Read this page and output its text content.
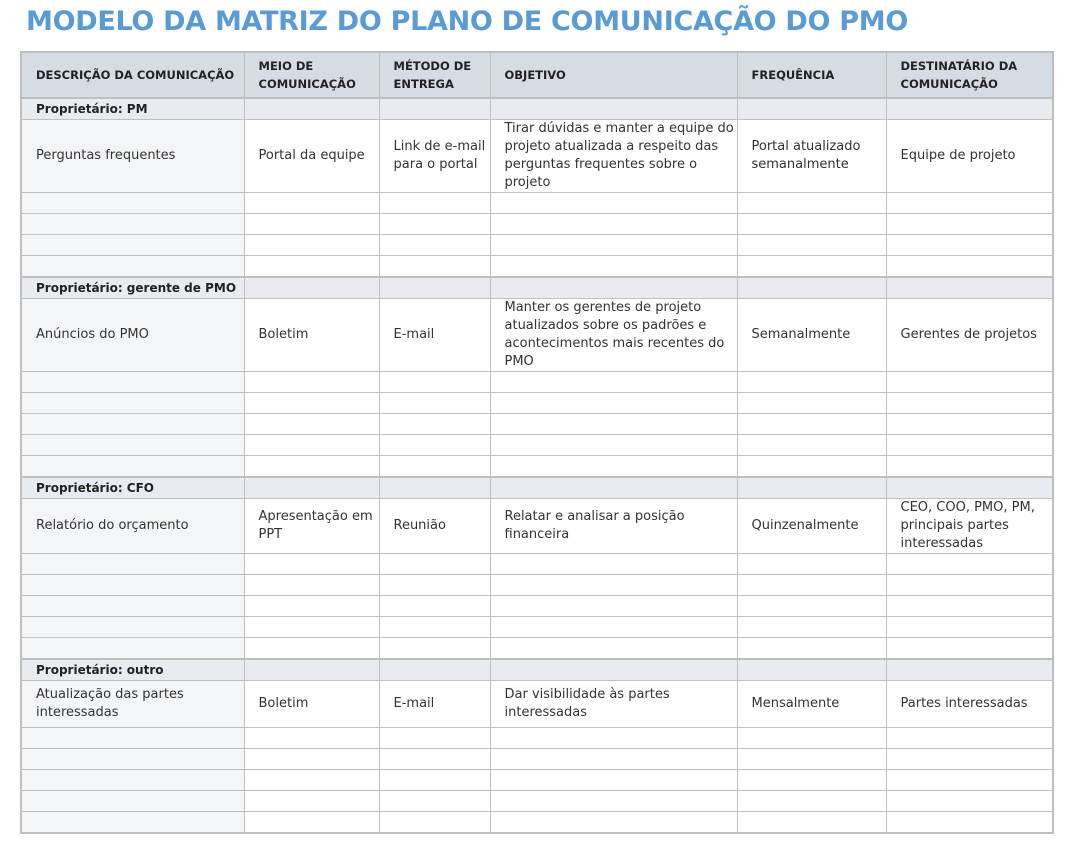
MODELO DA MATRIZ DO PLANO DE COMUNICAÇÃO DO PMO
DESCRIÇÃO DA COMUNICAÇÃO	MEIO DE COMUNICAÇÃO	MÉTODO DE ENTREGA	OBJETIVO	FREQUÊNCIA	DESTINATÁRIO DA COMUNICAÇÃO
Proprietário: PM					
Perguntas frequentes	Portal da equipe	Link de e-mail para o portal	Tirar dúvidas e manter a equipe do projeto atualizada a respeito das perguntas frequentes sobre o projeto	Portal atualizado semanalmente	Equipe de projeto

Proprietário: gerente de PMO					
Anúncios do PMO	Boletim	E-mail	Manter os gerentes de projeto atualizados sobre os padrões e acontecimentos mais recentes do PMO	Semanalmente	Gerentes de projetos

Proprietário: CFO					
Relatório do orçamento	Apresentação em PPT	Reunião	Relatar e analisar a posição financeira	Quinzenalmente	CEO, COO, PMO, PM, principais partes interessadas

Proprietário: outro					
Atualização das partes interessadas	Boletim	E-mail	Dar visibilidade às partes interessadas	Mensalmente	Partes interessadas
